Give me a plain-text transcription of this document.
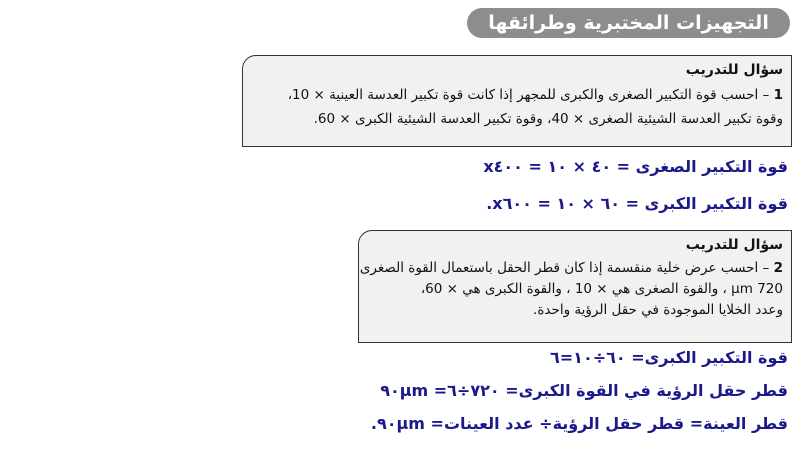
التجهيزات المختبرية وطرائقها
سؤال للتدريب
1 – احسب قوة التكبير الصغرى والكبرى للمجهر إذا كانت قوة تكبير العدسة العينية × 10،
وقوة تكبير العدسة الشيئية الصغرى × 40، وقوة تكبير العدسة الشيئية الكبرى × 60.
قوة التكبير الصغرى = ٤٠ × ١٠ = x٤٠٠
قوة التكبير الكبرى = ٦٠ × ١٠ = x٦٠٠.
سؤال للتدريب
2 – احسب عرض خلية منقسمة إذا كان قطر الحقل باستعمال القوة الصغرى
720 µm ، والقوة الصغرى هي × 10 ، والقوة الكبرى هي × 60،
وعدد الخلايا الموجودة في حقل الرؤية واحدة.
قوة التكبير الكبرى= ٦٠÷١٠=٦
قطر حقل الرؤية في القوة الكبرى= ٧٢٠÷٦= ٩٠µm
قطر العينة= قطر حقل الرؤية÷ عدد العينات= ٩٠µm.
